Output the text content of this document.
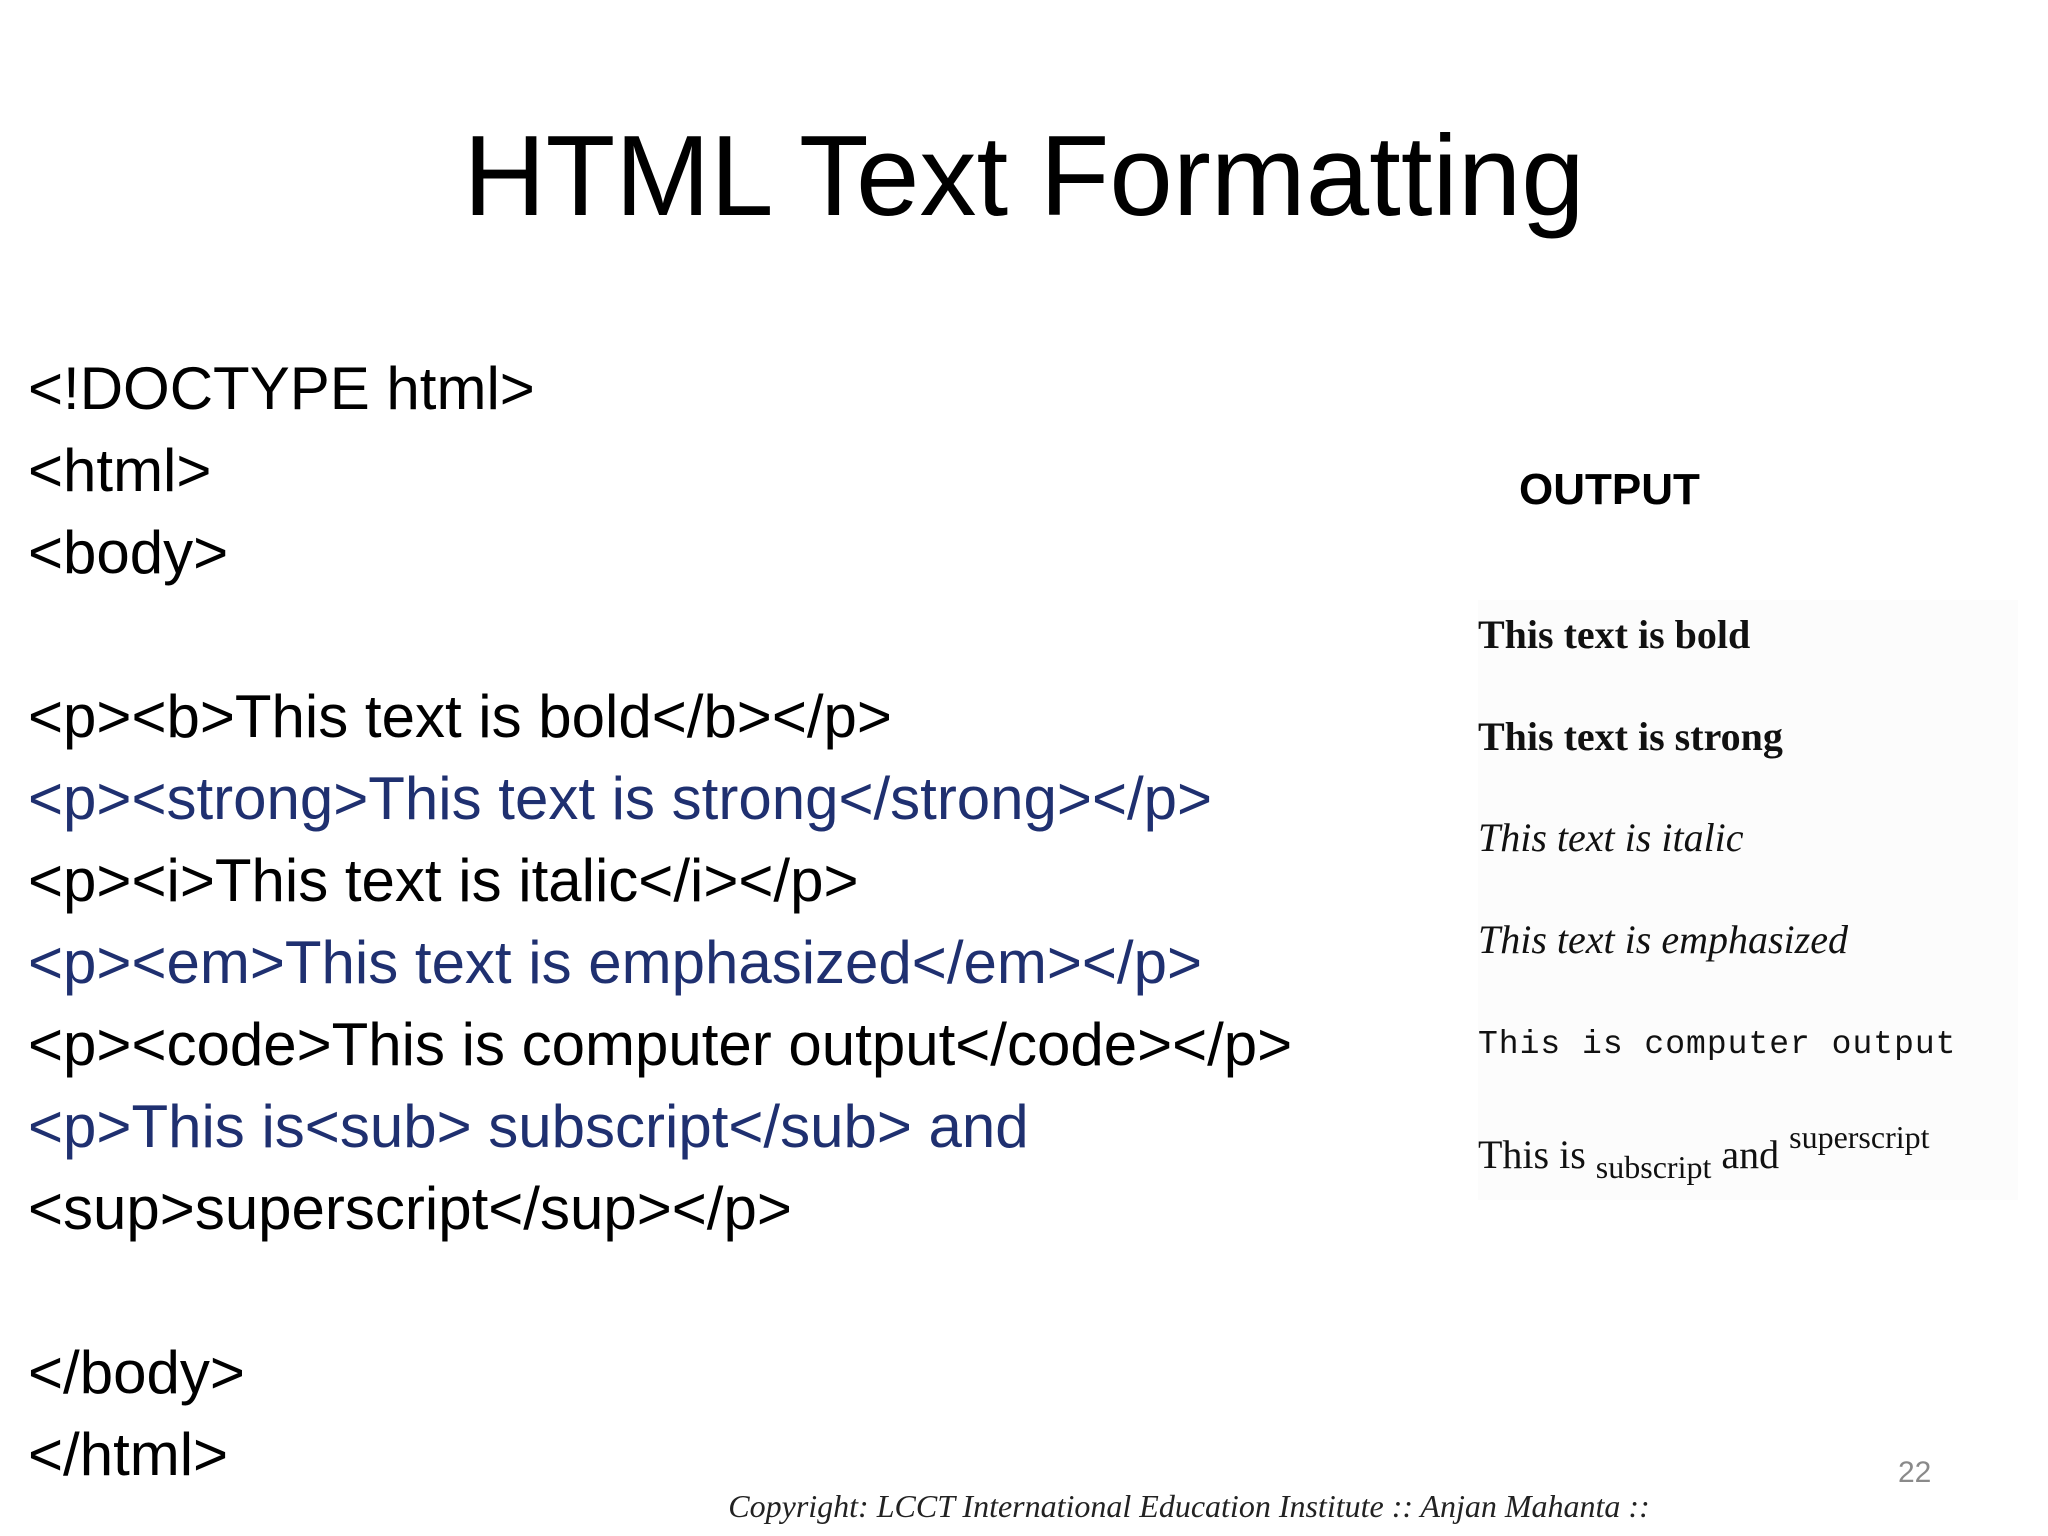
HTML Text Formatting
<!DOCTYPE html>
<html>
<body>
<p><b>This text is bold</b></p>
<p><strong>This text is strong</strong></p>
<p><i>This text is italic</i></p>
<p><em>This text is emphasized</em></p>
<p><code>This is computer output</code></p>
<p>This is<sub> subscript</sub> and
<sup>superscript</sup></p>
</body>
</html>
OUTPUT
This text is bold
This text is strong
This text is italic
This text is emphasized
This is computer output
This is $_{subscript}$ and $^{superscript}$
22
Copyright: LCCT International Education Institute :: Anjan Mahanta ::
